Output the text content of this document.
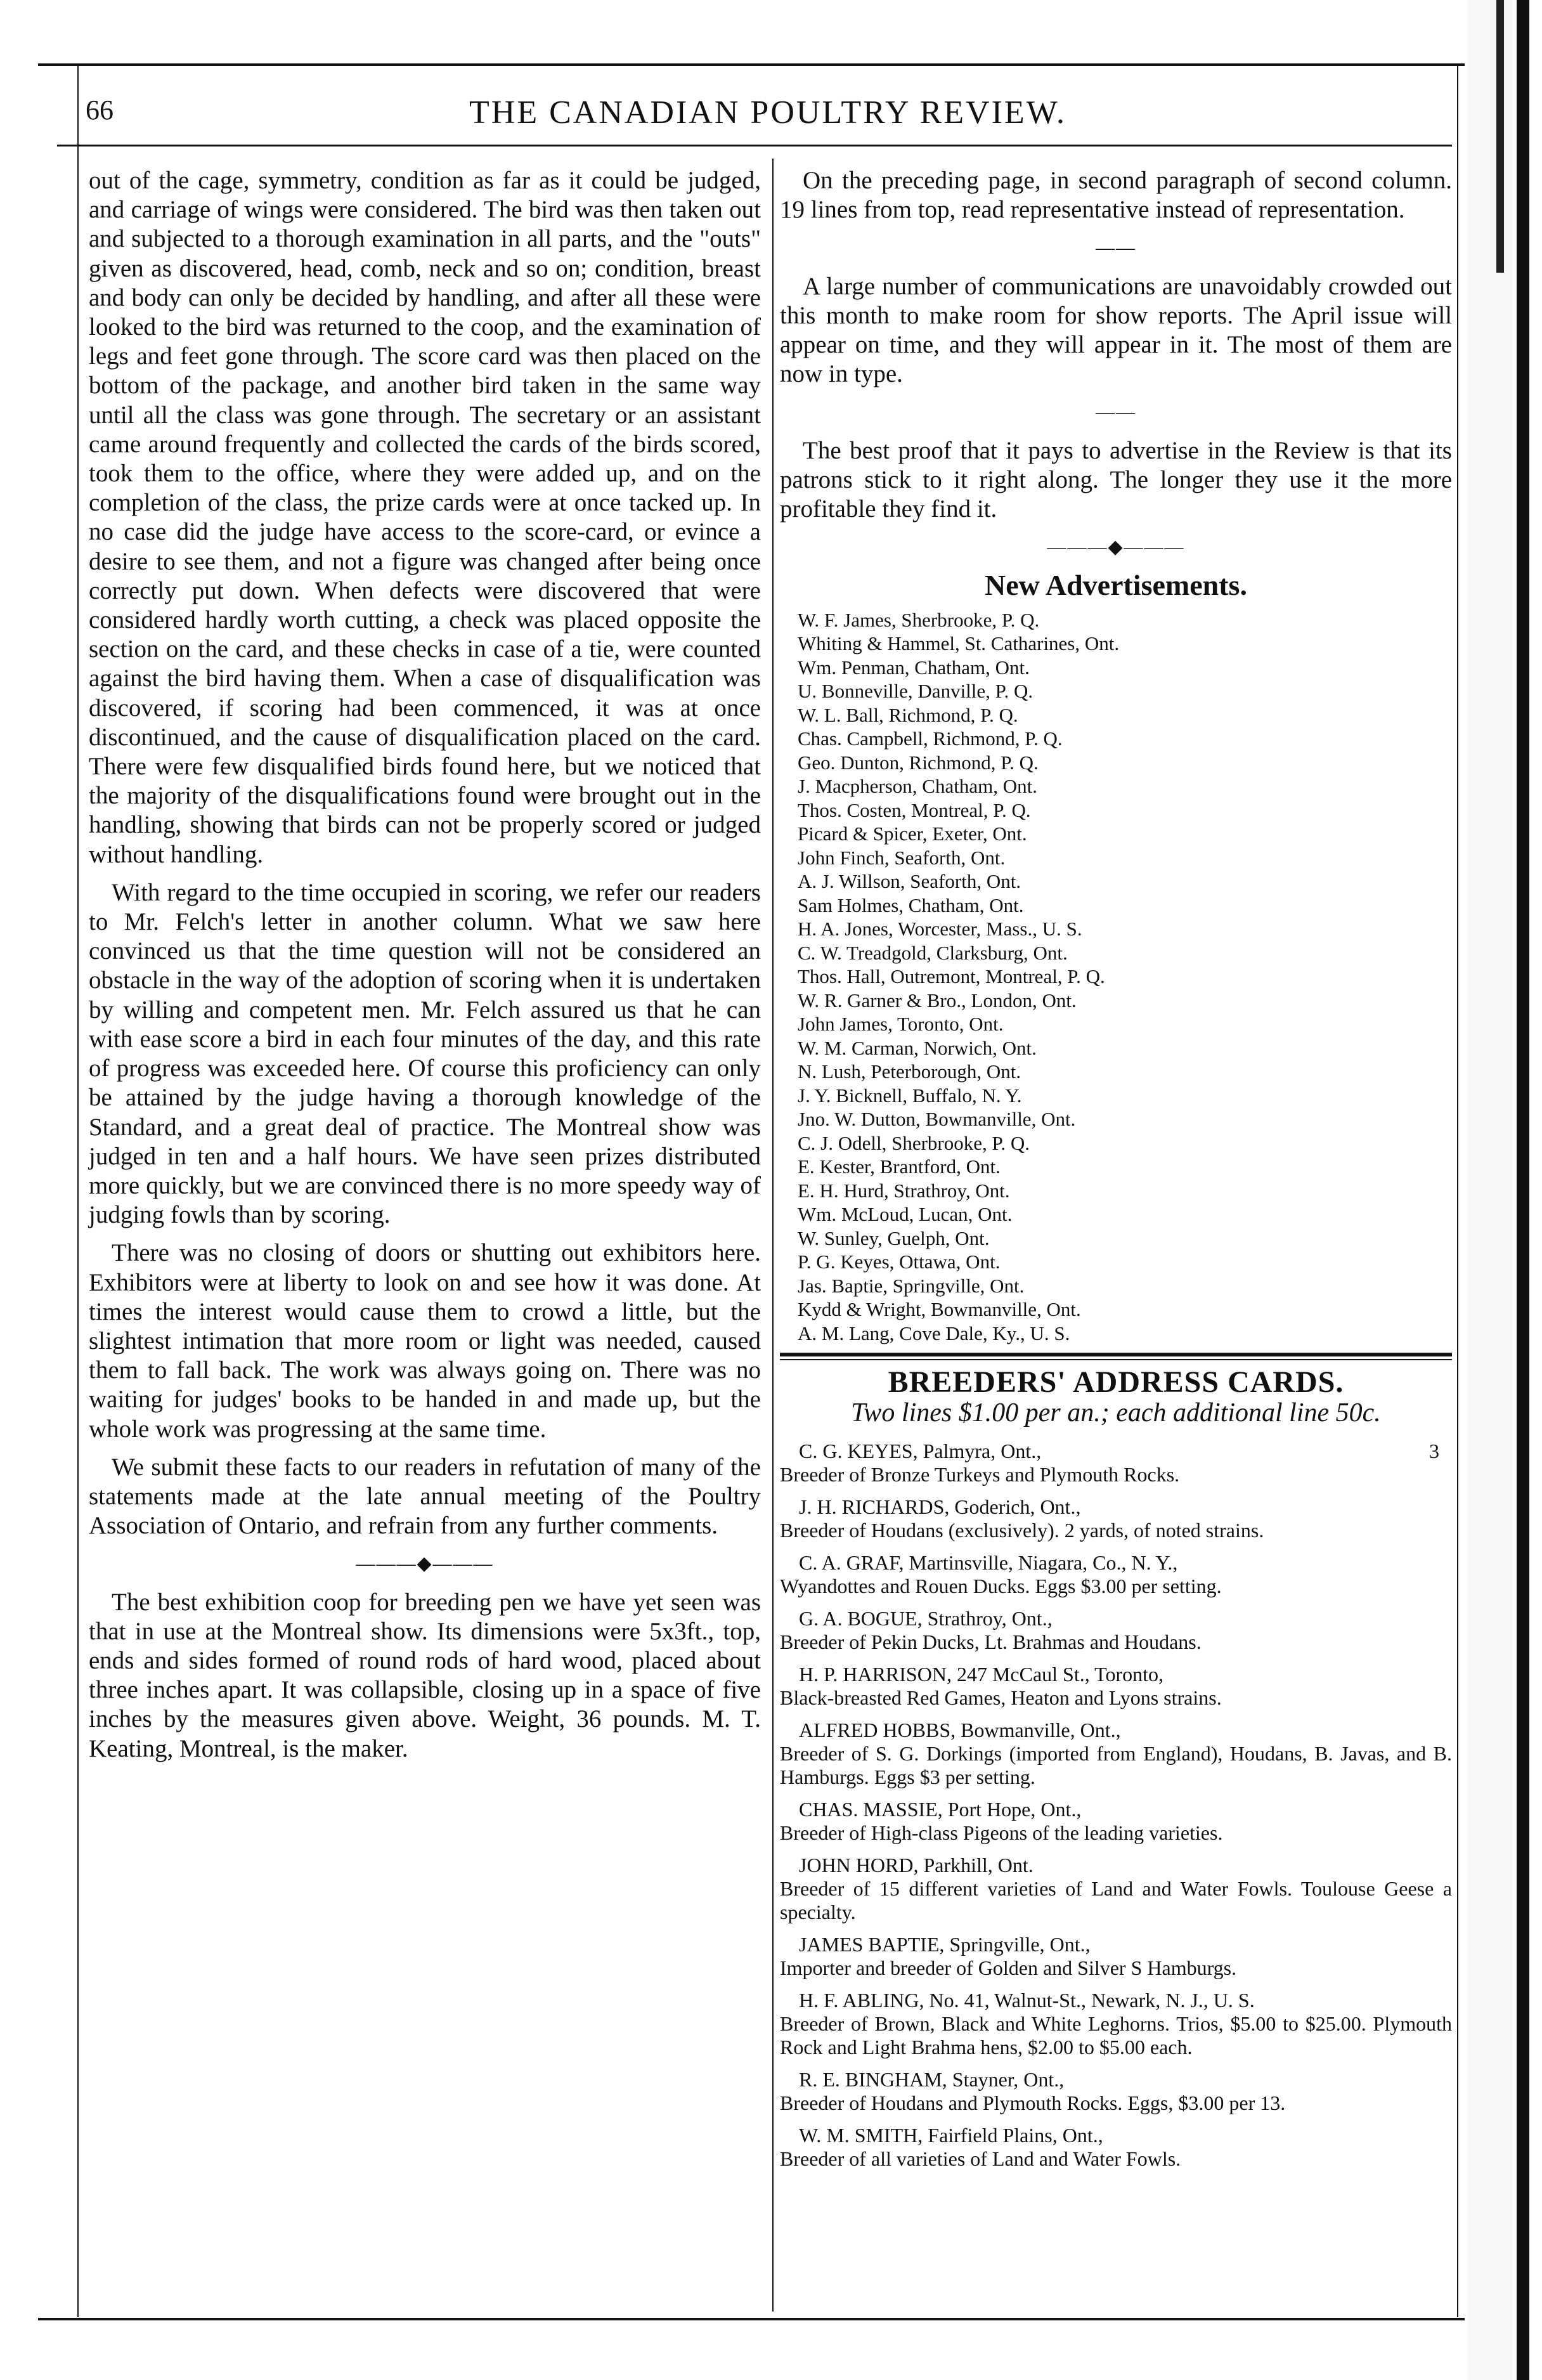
66	THE CANADIAN POULTRY REVIEW.

out of the cage, symmetry, condition as far as it could be judged, and carriage of wings were considered. The bird was then taken out and subjected to a thorough examination in all parts, and the "outs" given as discovered, head, comb, neck and so on; condition, breast and body can only be decided by handling, and after all these were looked to the bird was returned to the coop, and the examination of legs and feet gone through. The score card was then placed on the bottom of the package, and another bird taken in the same way until all the class was gone through. The secretary or an assistant came around frequently and collected the cards of the birds scored, took them to the office, where they were added up, and on the completion of the class, the prize cards were at once tacked up. In no case did the judge have access to the score-card, or evince a desire to see them, and not a figure was changed after being once correctly put down. When defects were discovered that were considered hardly worth cutting, a check was placed opposite the section on the card, and these checks in case of a tie, were counted against the bird having them. When a case of disqualification was discovered, if scoring had been commenced, it was at once discontinued, and the cause of disqualification placed on the card. There were few disqualified birds found here, but we noticed that the majority of the disqualifications found were brought out in the handling, showing that birds can not be properly scored or judged without handling.

With regard to the time occupied in scoring, we refer our readers to Mr. Felch's letter in another column. What we saw here convinced us that the time question will not be considered an obstacle in the way of the adoption of scoring when it is undertaken by willing and competent men. Mr. Felch assured us that he can with ease score a bird in each four minutes of the day, and this rate of progress was exceeded here. Of course this proficiency can only be attained by the judge having a thorough knowledge of the Standard, and a great deal of practice. The Montreal show was judged in ten and a half hours. We have seen prizes distributed more quickly, but we are convinced there is no more speedy way of judging fowls than by scoring.

There was no closing of doors or shutting out exhibitors here. Exhibitors were at liberty to look on and see how it was done. At times the interest would cause them to crowd a little, but the slightest intimation that more room or light was needed, caused them to fall back. The work was always going on. There was no waiting for judges' books to be handed in and made up, but the whole work was progressing at the same time.

We submit these facts to our readers in refutation of many of the statements made at the late annual meeting of the Poultry Association of Ontario, and refrain from any further comments.

———◆———

The best exhibition coop for breeding pen we have yet seen was that in use at the Montreal show. Its dimensions were 5x3ft., top, ends and sides formed of round rods of hard wood, placed about three inches apart. It was collapsible, closing up in a space of five inches by the measures given above. Weight, 36 pounds. M. T. Keating, Montreal, is the maker.

On the preceding page, in second paragraph of second column. 19 lines from top, read representative instead of representation.

——

A large number of communications are unavoidably crowded out this month to make room for show reports. The April issue will appear on time, and they will appear in it. The most of them are now in type.

——

The best proof that it pays to advertise in the Review is that its patrons stick to it right along. The longer they use it the more profitable they find it.

———◆———
New Advertisements.
W. F. James, Sherbrooke, P. Q.
Whiting & Hammel, St. Catharines, Ont.
Wm. Penman, Chatham, Ont.
U. Bonneville, Danville, P. Q.
W. L. Ball, Richmond, P. Q.
Chas. Campbell, Richmond, P. Q.
Geo. Dunton, Richmond, P. Q.
J. Macpherson, Chatham, Ont.
Thos. Costen, Montreal, P. Q.
Picard & Spicer, Exeter, Ont.
John Finch, Seaforth, Ont.
A. J. Willson, Seaforth, Ont.
Sam Holmes, Chatham, Ont.
H. A. Jones, Worcester, Mass., U. S.
C. W. Treadgold, Clarksburg, Ont.
Thos. Hall, Outremont, Montreal, P. Q.
W. R. Garner & Bro., London, Ont.
John James, Toronto, Ont.
W. M. Carman, Norwich, Ont.
N. Lush, Peterborough, Ont.
J. Y. Bicknell, Buffalo, N. Y.
Jno. W. Dutton, Bowmanville, Ont.
C. J. Odell, Sherbrooke, P. Q.
E. Kester, Brantford, Ont.
E. H. Hurd, Strathroy, Ont.
Wm. McLoud, Lucan, Ont.
W. Sunley, Guelph, Ont.
P. G. Keyes, Ottawa, Ont.
Jas. Baptie, Springville, Ont.
Kydd & Wright, Bowmanville, Ont.
A. M. Lang, Cove Dale, Ky., U. S.
BREEDERS' ADDRESS CARDS.
Two lines $1.00 per an.; each additional line 50c.
C. G. KEYES, Palmyra, Ont.,	3
Breeder of Bronze Turkeys and Plymouth Rocks.
J. H. RICHARDS, Goderich, Ont.,
Breeder of Houdans (exclusively). 2 yards, of noted strains.
C. A. GRAF, Martinsville, Niagara, Co., N. Y.,
Wyandottes and Rouen Ducks. Eggs $3.00 per setting.
G. A. BOGUE, Strathroy, Ont.,
Breeder of Pekin Ducks, Lt. Brahmas and Houdans.
H. P. HARRISON, 247 McCaul St., Toronto,
Black-breasted Red Games, Heaton and Lyons strains.
ALFRED HOBBS, Bowmanville, Ont.,
Breeder of S. G. Dorkings (imported from England), Houdans, B. Javas, and B. Hamburgs. Eggs $3 per setting.
CHAS. MASSIE, Port Hope, Ont.,
Breeder of High-class Pigeons of the leading varieties.
JOHN HORD, Parkhill, Ont.
Breeder of 15 different varieties of Land and Water Fowls. Toulouse Geese a specialty.
JAMES BAPTIE, Springville, Ont.,
Importer and breeder of Golden and Silver S Hamburgs.
H. F. ABLING, No. 41, Walnut-St., Newark, N. J., U. S.
Breeder of Brown, Black and White Leghorns. Trios, $5.00 to $25.00. Plymouth Rock and Light Brahma hens, $2.00 to $5.00 each.
R. E. BINGHAM, Stayner, Ont.,
Breeder of Houdans and Plymouth Rocks. Eggs, $3.00 per 13.
W. M. SMITH, Fairfield Plains, Ont.,
Breeder of all varieties of Land and Water Fowls.
